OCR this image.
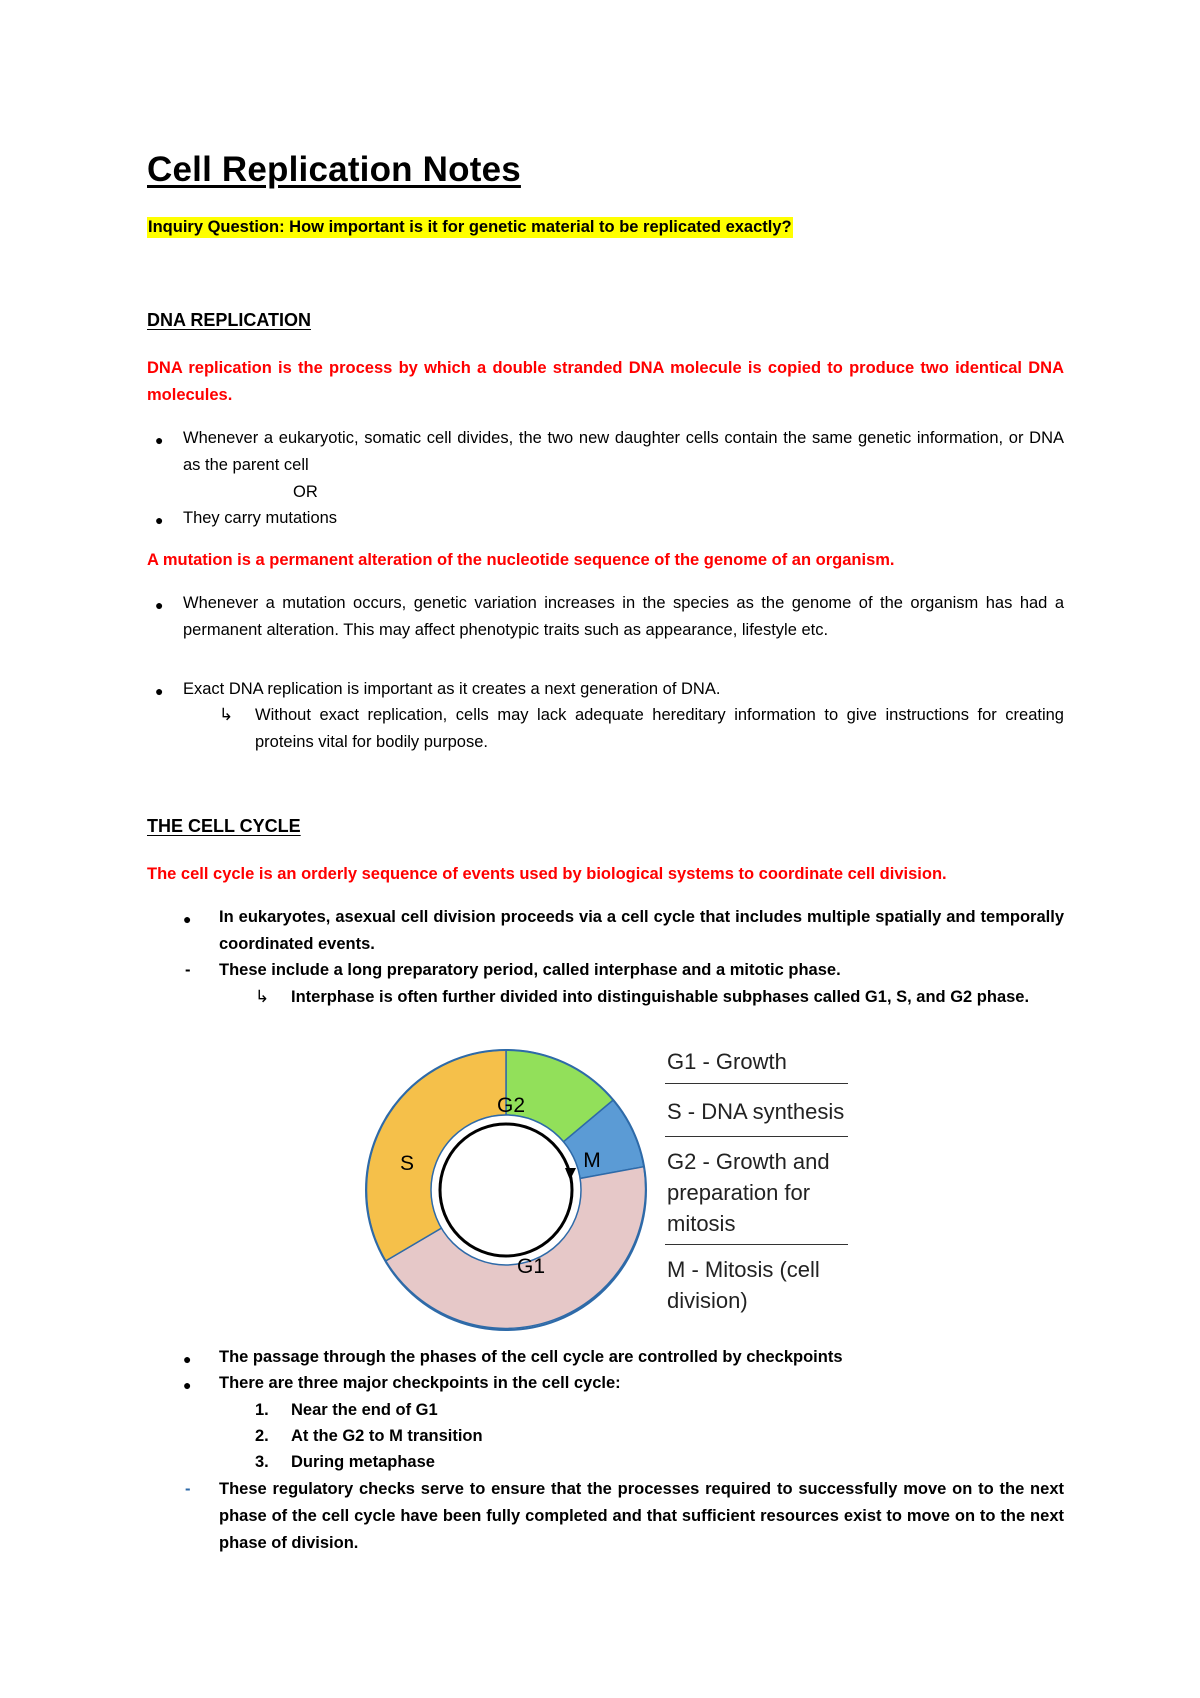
Cell Replication Notes
Inquiry Question: How important is it for genetic material to be replicated exactly?
DNA REPLICATION
DNA replication is the process by which a double stranded DNA molecule is copied to produce two identical DNA molecules.
● Whenever a eukaryotic, somatic cell divides, the two new daughter cells contain the same genetic information, or DNA as the parent cell
OR
● They carry mutations
A mutation is a permanent alteration of the nucleotide sequence of the genome of an organism.
● Whenever a mutation occurs, genetic variation increases in the species as the genome of the organism has had a permanent alteration. This may affect phenotypic traits such as appearance, lifestyle etc.
● Exact DNA replication is important as it creates a next generation of DNA.
↳ Without exact replication, cells may lack adequate hereditary information to give instructions for creating proteins vital for bodily purpose.
THE CELL CYCLE
The cell cycle is an orderly sequence of events used by biological systems to coordinate cell division.
● In eukaryotes, asexual cell division proceeds via a cell cycle that includes multiple spatially and temporally coordinated events.
- These include a long preparatory period, called interphase and a mitotic phase.
↳ Interphase is often further divided into distinguishable subphases called G1, S, and G2 phase.
G2
M
G1
S
G1 - Growth
S - DNA synthesis
G2 - Growth and preparation for mitosis
M - Mitosis (cell division)
● The passage through the phases of the cell cycle are controlled by checkpoints
● There are three major checkpoints in the cell cycle:
1. Near the end of G1
2. At the G2 to M transition
3. During metaphase
- These regulatory checks serve to ensure that the processes required to successfully move on to the next phase of the cell cycle have been fully completed and that sufficient resources exist to move on to the next phase of division.
